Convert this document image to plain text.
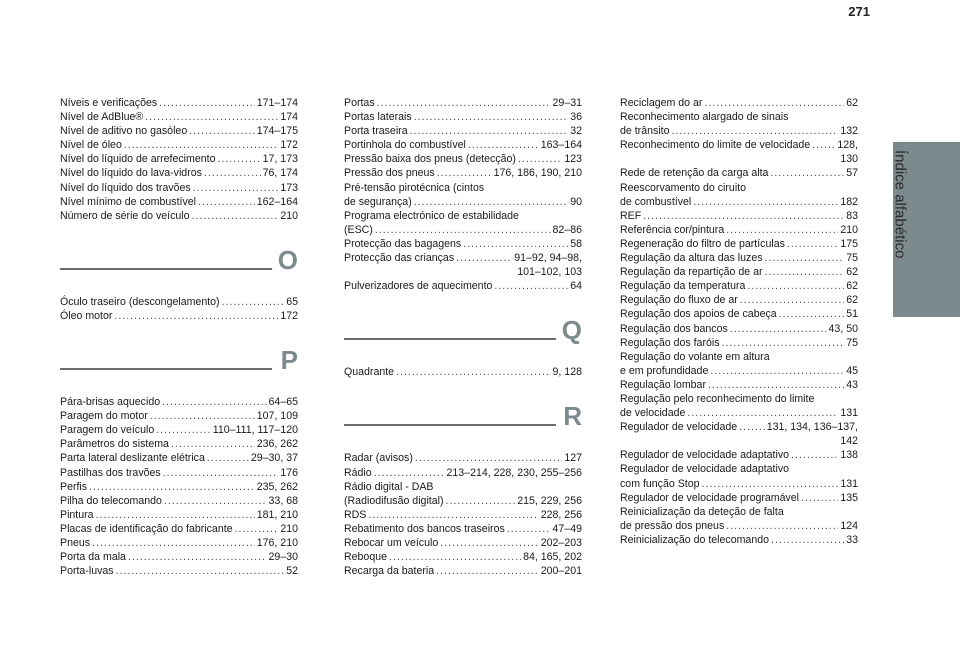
271
Índice alfabético
Níveis e verificações .....	171–174
Nível de AdBlue® .....	174
Nível de aditivo no gasóleo .....	174–175
Nível de óleo .....	172
Nível do líquido de arrefecimento .....	17, 173
Nível do líquido do lava-vidros .....	76, 174
Nível do líquido dos travões .....	173
Nível mínimo de combustível .....	162–164
Número de série do veículo .....	210
O
Óculo traseiro (descongelamento) .....	65
Óleo motor .....	172
P
Pára-brisas aquecido .....	64–65
Paragem do motor .....	107, 109
Paragem do veículo .....	110–111, 117–120
Parâmetros do sistema .....	236, 262
Parta lateral deslizante elétrica .....	29–30, 37
Pastilhas dos travões .....	176
Perfis .....	235, 262
Pilha do telecomando .....	33, 68
Pintura .....	181, 210
Placas de identificação do fabricante .....	210
Pneus .....	176, 210
Porta da mala .....	29–30
Porta-luvas .....	52
Portas .....	29–31
Portas laterais .....	36
Porta traseira .....	32
Portinhola do combustível .....	163–164
Pressão baixa dos pneus (detecção) .....	123
Pressão dos pneus .....	176, 186, 190, 210
Pré-tensão pirotécnica (cintos
de segurança) .....	90
Programa electrónico de estabilidade
(ESC) .....	82–86
Protecção das bagagens .....	58
Protecção das crianças .....	91–92, 94–98,
101–102, 103
Pulverizadores de aquecimento .....	64
Q
Quadrante .....	9, 128
R
Radar (avisos) .....	127
Rádio .....	213–214, 228, 230, 255–256
Rádio digital - DAB
(Radiodifusão digital) .....	215, 229, 256
RDS .....	228, 256
Rebatimento dos bancos traseiros .....	47–49
Rebocar um veículo .....	202–203
Reboque .....	84, 165, 202
Recarga da bateria .....	200–201
Reciclagem do ar .....	62
Reconhecimento alargado de sinais
de trânsito .....	132
Reconhecimento do limite de velocidade .....	128,
130
Rede de retenção da carga alta .....	57
Reescorvamento do ciruito
de combustível .....	182
REF .....	83
Referência cor/pintura .....	210
Regeneração do filtro de partículas .....	175
Regulação da altura das luzes .....	75
Regulação da repartição de ar .....	62
Regulação da temperatura .....	62
Regulação do fluxo de ar .....	62
Regulação dos apoios de cabeça .....	51
Regulação dos bancos .....	43, 50
Regulação dos faróis .....	75
Regulação do volante em altura
e em profundidade .....	45
Regulação lombar .....	43
Regulação pelo reconhecimento do limite
de velocidade .....	131
Regulador de velocidade .....	131, 134, 136–137,
142
Regulador de velocidade adaptativo .....	138
Regulador de velocidade adaptativo
com função Stop .....	131
Regulador de velocidade programável .....	135
Reinicialização da deteção de falta
de pressão dos pneus .....	124
Reinicialização do telecomando .....	33
